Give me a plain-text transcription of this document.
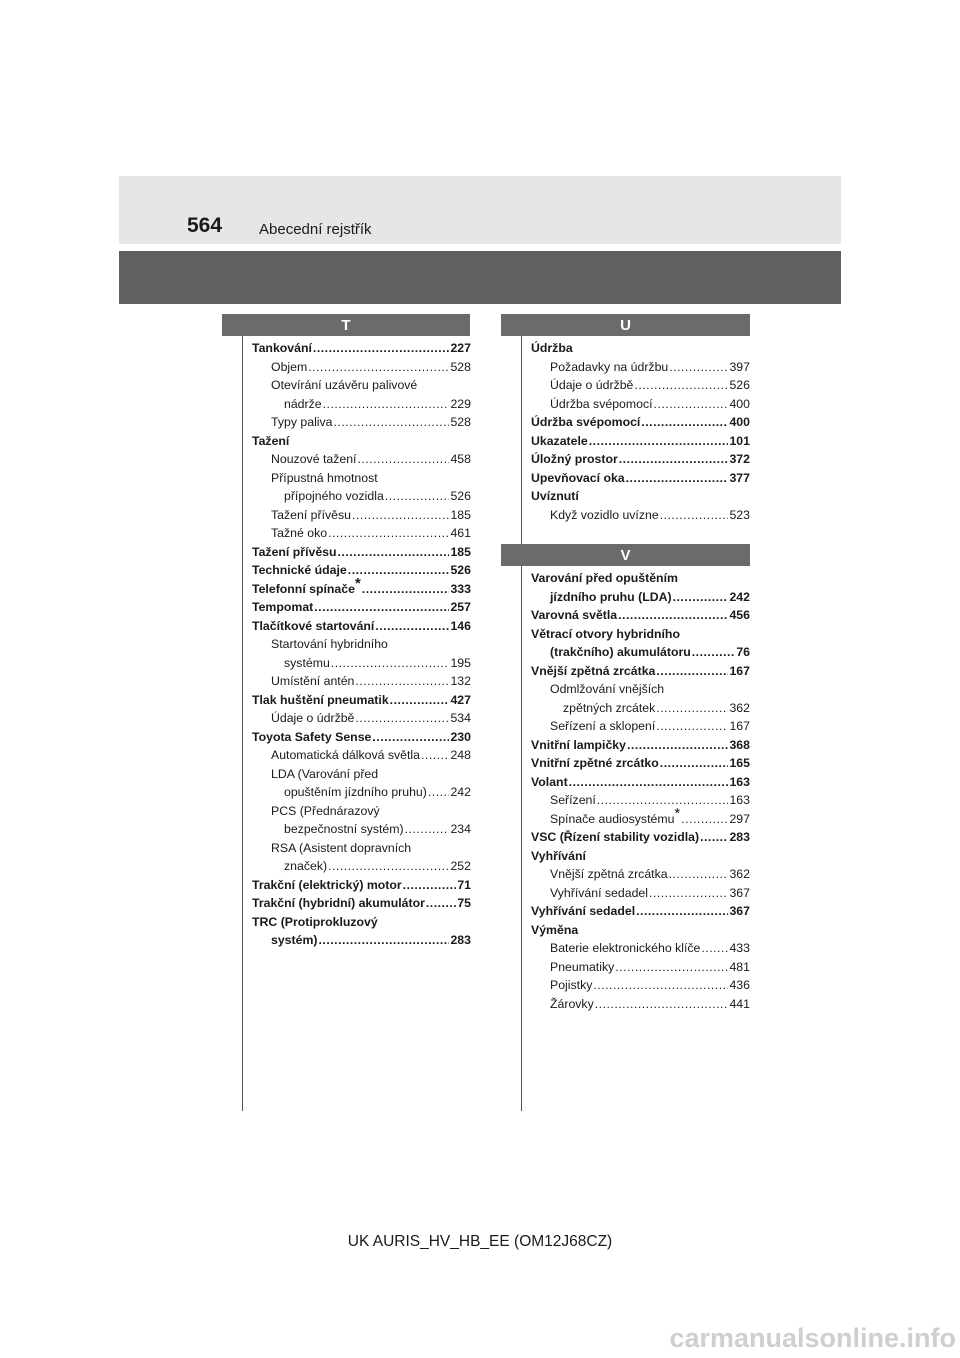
564 Abecední rejstřík
T	U
Tankování .....	227
Objem .....	528
Otevírání uzávěru palivové
nádrže .....	229
Typy paliva .....	528
Tažení
Nouzové tažení .....	458
Přípustná hmotnost
přípojného vozidla .....	526
Tažení přívěsu .....	185
Tažné oko .....	461
Tažení přívěsu .....	185
Technické údaje .....	526
Telefonní spínače* .....	333
Tempomat .....	257
Tlačítkové startování .....	146
Startování hybridního
systému .....	195
Umístění antén .....	132
Tlak huštění pneumatik .....	427
Údaje o údržbě .....	534
Toyota Safety Sense .....	230
Automatická dálková světla ..... 248
LDA (Varování před
opuštěním jízdního pruhu) ..... 242
PCS (Přednárazový
bezpečnostní systém) .....	234
RSA (Asistent dopravních
značek) .....	252
Trakční (elektrický) motor .....	71
Trakční (hybridní) akumulátor .....	75
TRC (Protiprokluzový
systém) .....	283
Údržba
Požadavky na údržbu .....	397
Údaje o údržbě .....	526
Údržba svépomocí .....	400
Údržba svépomocí .....	400
Ukazatele .....	101
Úložný prostor .....	372
Upevňovací oka .....	377
Uvíznutí
Když vozidlo uvízne .....	523
V
Varování před opuštěním
jízdního pruhu (LDA) .....	242
Varovná světla .....	456
Větrací otvory hybridního
(trakčního) akumulátoru .....	76
Vnější zpětná zrcátka .....	167
Odmlžování vnějších
zpětných zrcátek .....	362
Seřízení a sklopení .....	167
Vnitřní lampičky .....	368
Vnitřní zpětné zrcátko .....	165
Volant .....	163
Seřízení .....	163
Spínače audiosystému* .....	297
VSC (Řízení stability vozidla) ..... 283
Vyhřívání
Vnější zpětná zrcátka .....	362
Vyhřívání sedadel .....	367
Vyhřívání sedadel .....	367
Výměna
Baterie elektronického klíče ..... 433
Pneumatiky .....	481
Pojistky .....	436
Žárovky .....	441
UK AURIS_HV_HB_EE (OM12J68CZ)
carmanualsonline.info
